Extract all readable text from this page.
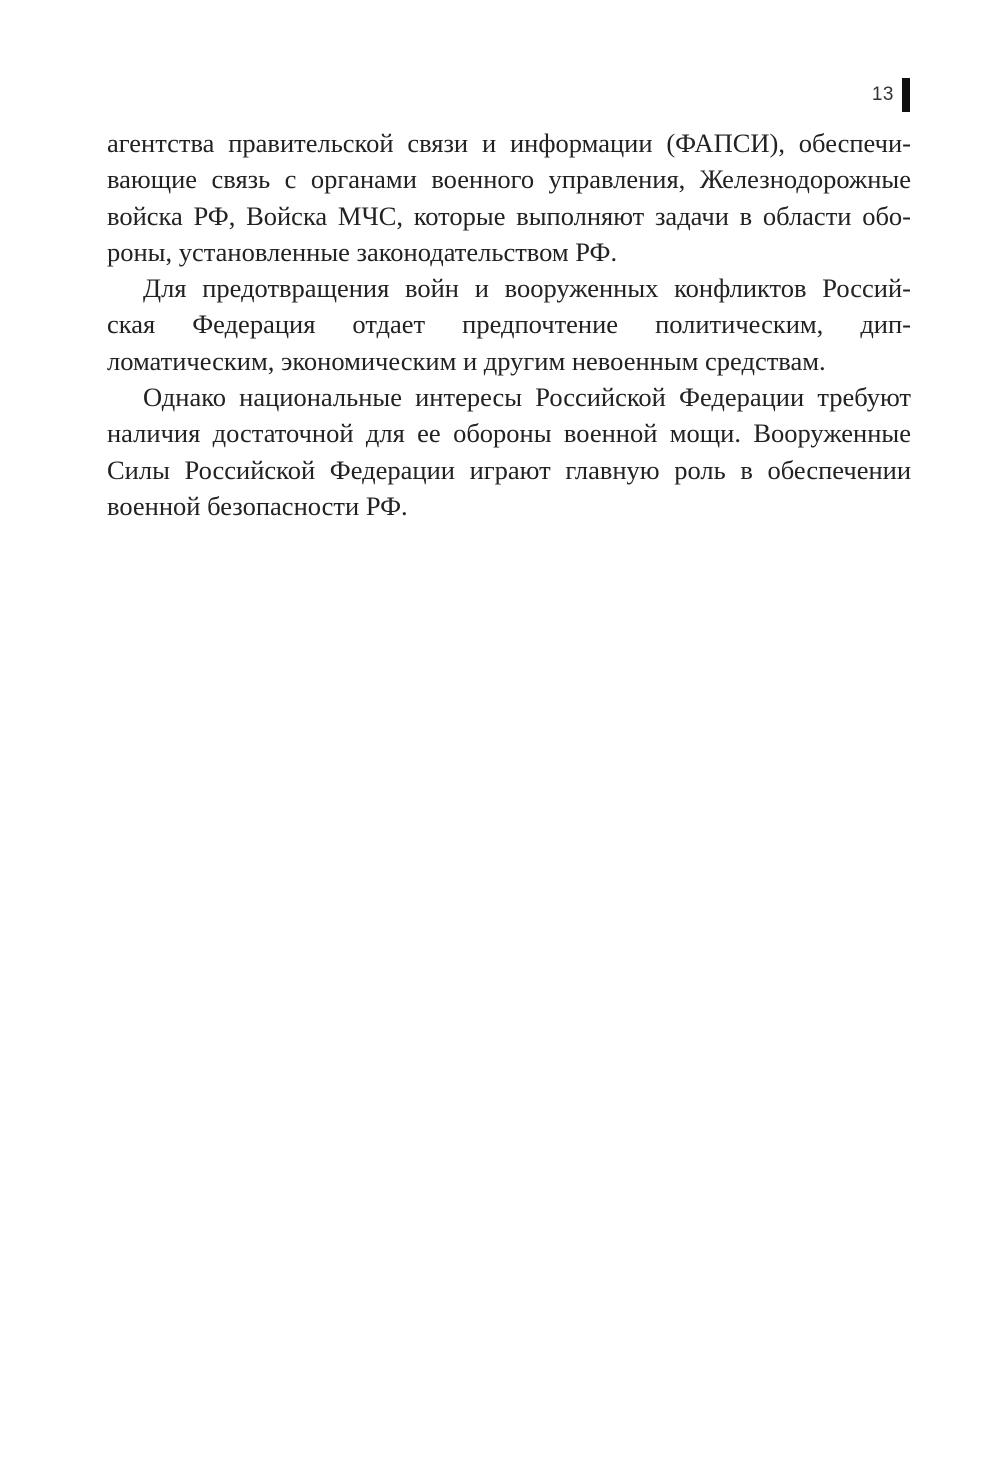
13
агентства правительской связи и информации (ФАПСИ), обеспечи-
вающие связь с органами военного управления, Железнодорожные
войска РФ, Войска МЧС, которые выполняют задачи в области обо-
роны, установленные законодательством РФ.
Для предотвращения войн и вооруженных конфликтов Россий-
ская Федерация отдает предпочтение политическим, дип-
ломатическим, экономическим и другим невоенным средствам.
Однако национальные интересы Российской Федерации требуют
наличия достаточной для ее обороны военной мощи. Вооруженные
Силы Российской Федерации играют главную роль в обеспечении
военной безопасности РФ.
